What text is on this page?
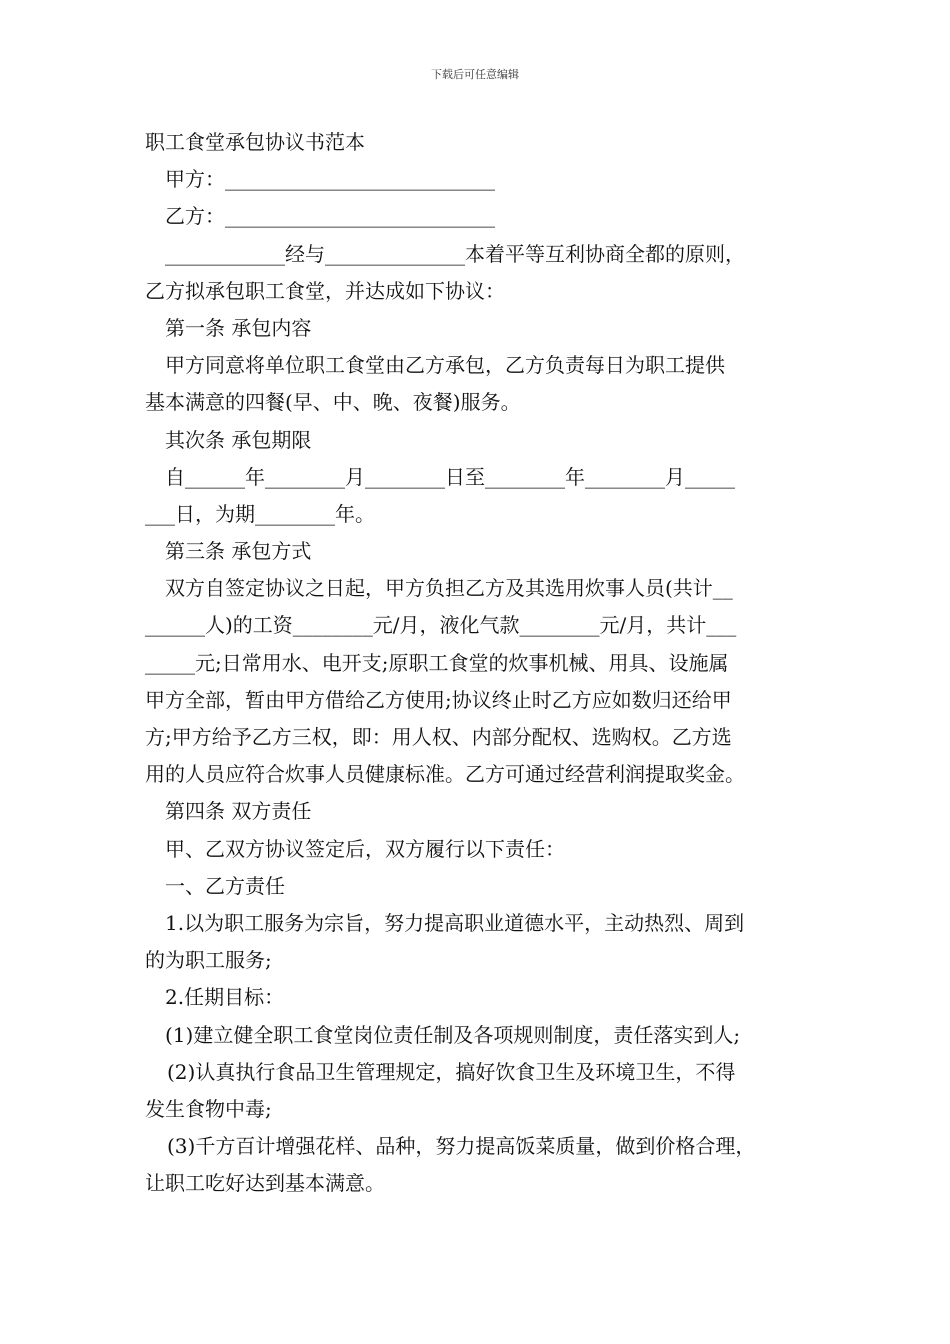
下载后可任意编辑
职工食堂承包协议书范本
甲方：___________________________
乙方：___________________________
____________经与______________本着平等互利协商全都的原则，
乙方拟承包职工食堂，并达成如下协议：
第一条 承包内容
甲方同意将单位职工食堂由乙方承包，乙方负责每日为职工提供
基本满意的四餐(早、中、晚、夜餐)服务。
其次条 承包期限
自______年________月________日至________年________月_____
___日，为期________年。
第三条 承包方式
双方自签定协议之日起，甲方负担乙方及其选用炊事人员(共计__
______人)的工资________元/月，液化气款________元/月，共计___
_____元;日常用水、电开支;原职工食堂的炊事机械、用具、设施属
甲方全部，暂由甲方借给乙方使用;协议终止时乙方应如数归还给甲
方;甲方给予乙方三权，即：用人权、内部分配权、选购权。乙方选
用的人员应符合炊事人员健康标准。乙方可通过经营利润提取奖金。
第四条 双方责任
甲、乙双方协议签定后，双方履行以下责任：
一、乙方责任
1.以为职工服务为宗旨，努力提高职业道德水平，主动热烈、周到
的为职工服务;
2.任期目标：
(1)建立健全职工食堂岗位责任制及各项规则制度，责任落实到人;
(2)认真执行食品卫生管理规定，搞好饮食卫生及环境卫生，不得
发生食物中毒;
(3)千方百计增强花样、品种，努力提高饭菜质量，做到价格合理，
让职工吃好达到基本满意。
